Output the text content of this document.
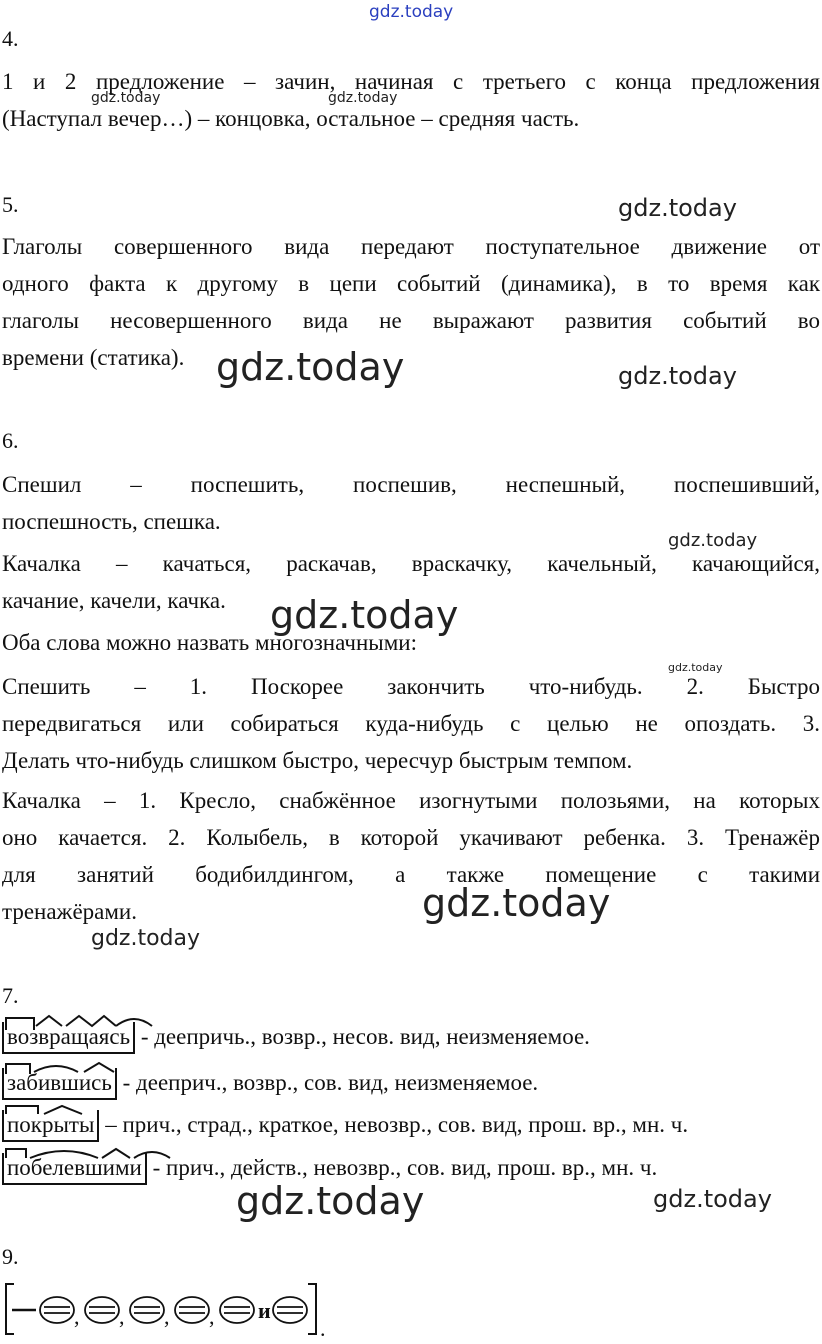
gdz.today
gdz.today	gdz.today
gdz.today
gdz.today	gdz.today
gdz.today
gdz.today
gdz.today
gdz.today
gdz.today
gdz.today	gdz.today
4.
1 и 2 предложение – зачин, начиная с третьего с конца предложения
(Наступал вечер…) – концовка, остальное – средняя часть.
5.
Глаголы совершенного вида передают поступательное движение от
одного факта к другому в цепи событий (динамика), в то время как
глаголы несовершенного вида не выражают развития событий во
времени (статика).
6.
Спешил – поспешить, поспешив, неспешный, поспешивший,
поспешность, спешка.
Качалка – качаться, раскачав, враскачку, качельный, качающийся,
качание, качели, качка.
Оба слова можно назвать многозначными:
Спешить – 1. Поскорее закончить что-нибудь. 2. Быстро
передвигаться или собираться куда-нибудь с целью не опоздать. 3.
Делать что-нибудь слишком быстро, чересчур быстрым темпом.
Качалка – 1. Кресло, снабжённое изогнутыми полозьями, на которых
оно качается. 2. Колыбель, в которой укачивают ребенка. 3. Тренажёр
для занятий бодибилдингом, а также помещение с такими
тренажёрами.
7.
возвращаясь - деепричь., возвр., несов. вид, неизменяемое.
забившись - дееприч., возвр., сов. вид, неизменяемое.
покрыты – прич., страд., краткое, невозвр., сов. вид, прош. вр., мн. ч.
побелевшими - прич., действ., невозвр., сов. вид, прош. вр., мн. ч.
9.
, , , , и
.
